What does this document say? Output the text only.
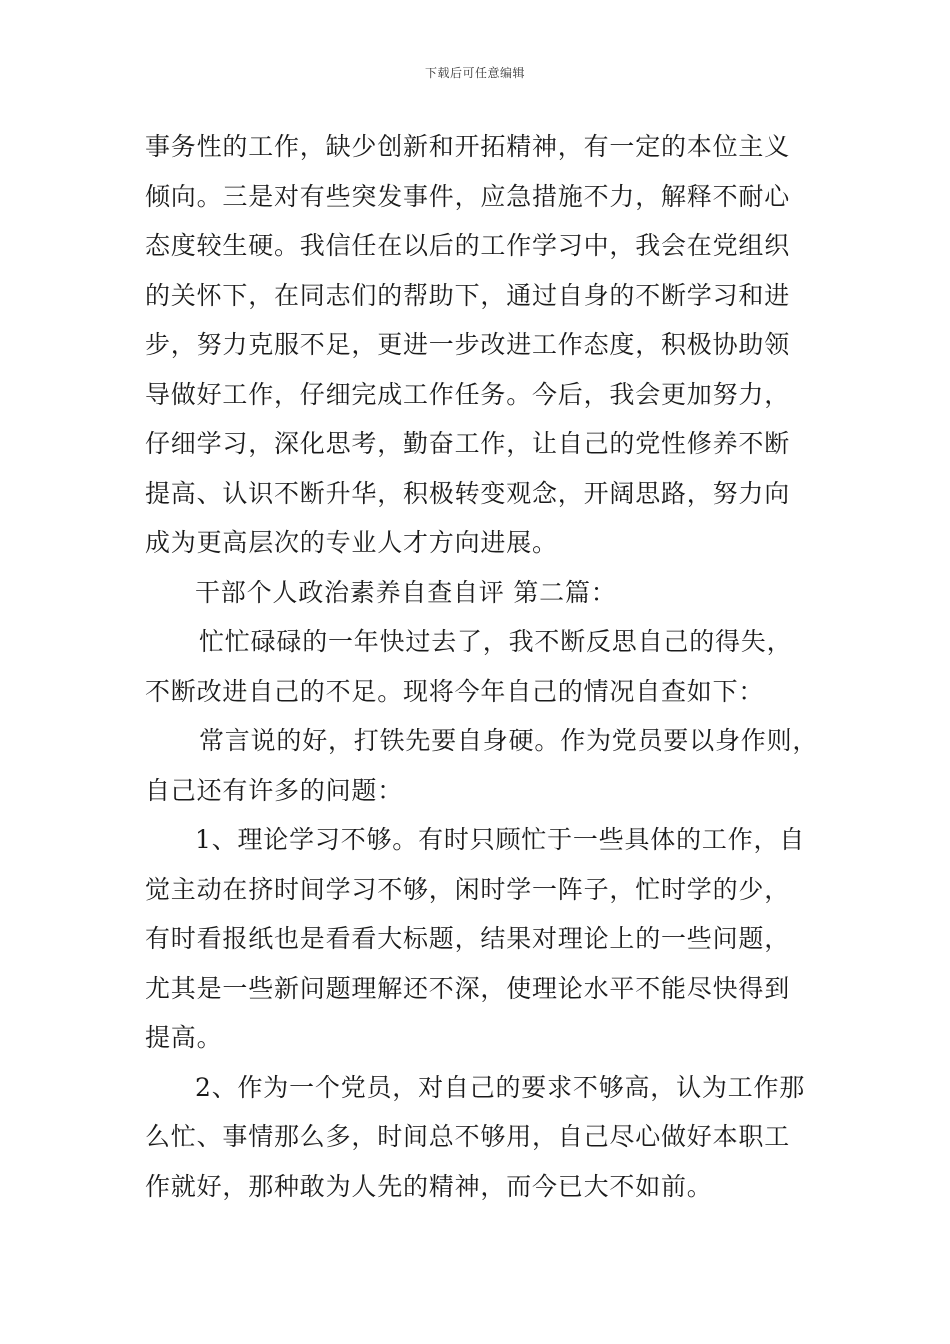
下载后可任意编辑
事务性的工作，缺少创新和开拓精神，有一定的本位主义
倾向。三是对有些突发事件，应急措施不力，解释不耐心
态度较生硬。我信任在以后的工作学习中，我会在党组织
的关怀下，在同志们的帮助下，通过自身的不断学习和进
步，努力克服不足，更进一步改进工作态度，积极协助领
导做好工作，仔细完成工作任务。今后，我会更加努力，
仔细学习，深化思考，勤奋工作，让自己的党性修养不断
提高、认识不断升华，积极转变观念，开阔思路，努力向
成为更高层次的专业人才方向进展。
干部个人政治素养自查自评 第二篇：
忙忙碌碌的一年快过去了，我不断反思自己的得失，
不断改进自己的不足。现将今年自己的情况自查如下：
常言说的好，打铁先要自身硬。作为党员要以身作则，
自己还有许多的问题：
1、理论学习不够。有时只顾忙于一些具体的工作，自
觉主动在挤时间学习不够，闲时学一阵子，忙时学的少，
有时看报纸也是看看大标题，结果对理论上的一些问题，
尤其是一些新问题理解还不深，使理论水平不能尽快得到
提高。
2、作为一个党员，对自己的要求不够高，认为工作那
么忙、事情那么多，时间总不够用，自己尽心做好本职工
作就好，那种敢为人先的精神，而今已大不如前。
